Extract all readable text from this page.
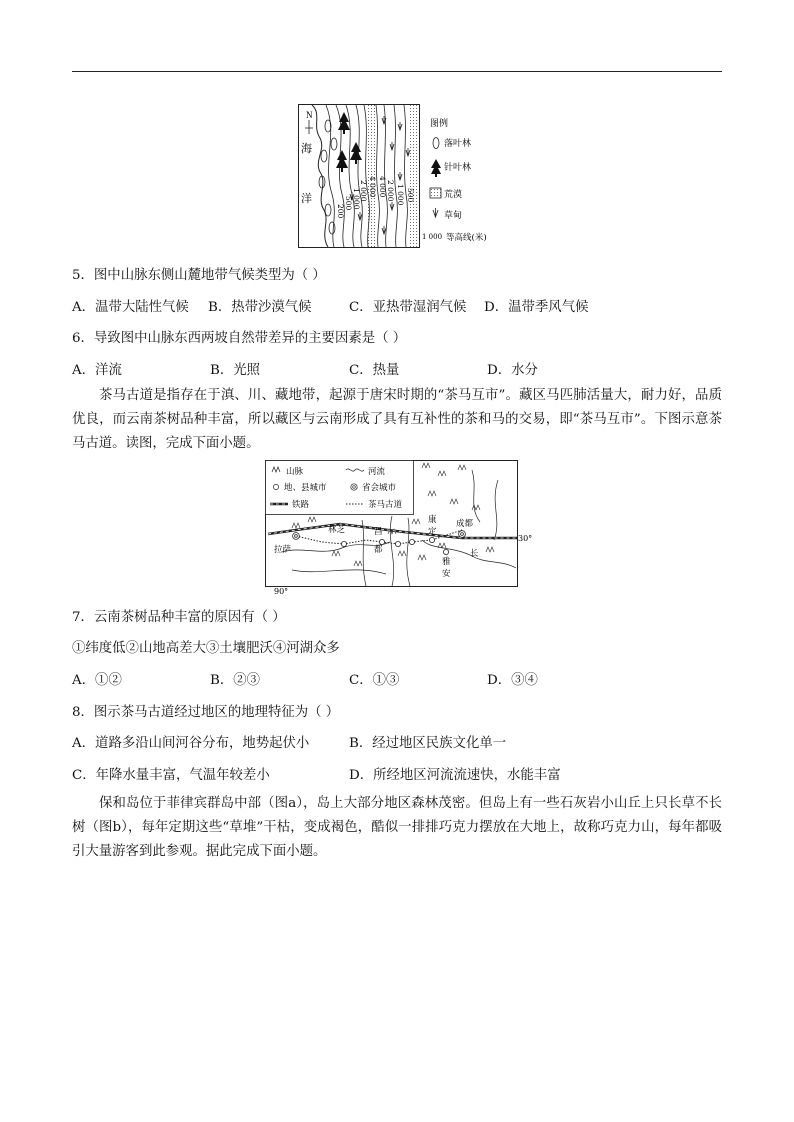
N
海
洋
200
500 1 000
2 000 4 000 4 000 2 000 1 000 500
图例
落叶林
针叶林
荒漠
草甸
1 000 等高线(米)
5．图中山脉东侧山麓地带气候类型为（ ）
A．温带大陆性气候 B．热带沙漠气候	C．亚热带湿润气候 D．温带季风气候
6．导致图中山脉东西两坡自然带差异的主要因素是（ ）
A．洋流	B．光照	C．热量	D．水分
茶马古道是指存在于滇、川、藏地带，起源于唐宋时期的“茶马互市”。藏区马匹肺活量大，耐力好，品质优良，而云南茶树品种丰富，所以藏区与云南形成了具有互补性的茶和马的交易，即“茶马互市”。下图示意茶马古道。读图，完成下面小题。
山脉	河流
地、县城市	省会城市
铁路	茶马古道
拉萨
林芝	昌
都
康
定
成都
雅
安
长
30°
90°
7．云南茶树品种丰富的原因有（ ）
①纬度低②山地高差大③土壤肥沃④河湖众多
A．①②	B．②③	C．①③	D．③④
8．图示茶马古道经过地区的地理特征为（ ）
A．道路多沿山间河谷分布，地势起伏小	B．经过地区民族文化单一
C．年降水量丰富，气温年较差小	D．所经地区河流流速快，水能丰富
保和岛位于菲律宾群岛中部（图a），岛上大部分地区森林茂密。但岛上有一些石灰岩小山丘上只长草不长树（图b），每年定期这些“草堆”干枯，变成褐色，酷似一排排巧克力摆放在大地上，故称巧克力山，每年都吸引大量游客到此参观。据此完成下面小题。
